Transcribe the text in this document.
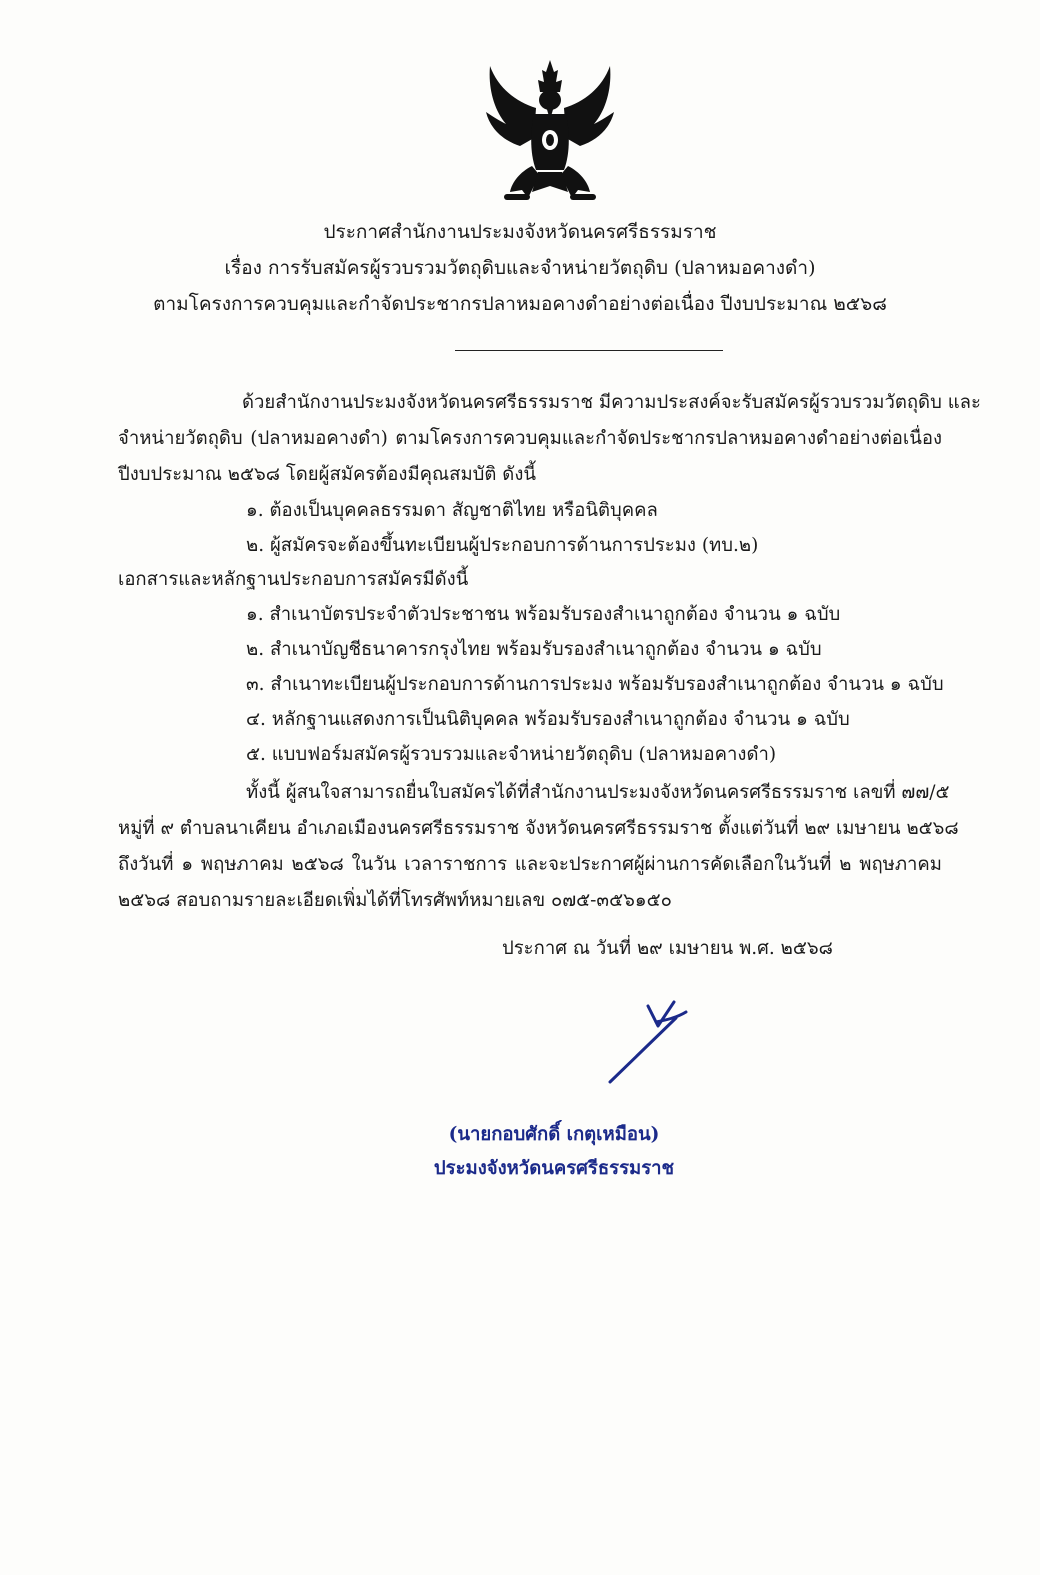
ประกาศสำนักงานประมงจังหวัดนครศรีธรรมราช
เรื่อง การรับสมัครผู้รวบรวมวัตถุดิบและจำหน่ายวัตถุดิบ (ปลาหมอคางดำ)
ตามโครงการควบคุมและกำจัดประชากรปลาหมอคางดำอย่างต่อเนื่อง ปีงบประมาณ ๒๕๖๘
ด้วยสำนักงานประมงจังหวัดนครศรีธรรมราช มีความประสงค์จะรับสมัครผู้รวบรวมวัตถุดิบ และ
จำหน่ายวัตถุดิบ (ปลาหมอคางดำ) ตามโครงการควบคุมและกำจัดประชากรปลาหมอคางดำอย่างต่อเนื่อง
ปีงบประมาณ ๒๕๖๘ โดยผู้สมัครต้องมีคุณสมบัติ ดังนี้
๑. ต้องเป็นบุคคลธรรมดา สัญชาติไทย หรือนิติบุคคล
๒. ผู้สมัครจะต้องขึ้นทะเบียนผู้ประกอบการด้านการประมง (ทบ.๒)
เอกสารและหลักฐานประกอบการสมัครมีดังนี้
๑. สำเนาบัตรประจำตัวประชาชน พร้อมรับรองสำเนาถูกต้อง จำนวน ๑ ฉบับ
๒. สำเนาบัญชีธนาคารกรุงไทย พร้อมรับรองสำเนาถูกต้อง จำนวน ๑ ฉบับ
๓. สำเนาทะเบียนผู้ประกอบการด้านการประมง พร้อมรับรองสำเนาถูกต้อง จำนวน ๑ ฉบับ
๔. หลักฐานแสดงการเป็นนิติบุคคล พร้อมรับรองสำเนาถูกต้อง จำนวน ๑ ฉบับ
๕. แบบฟอร์มสมัครผู้รวบรวมและจำหน่ายวัตถุดิบ (ปลาหมอคางดำ)
ทั้งนี้ ผู้สนใจสามารถยื่นใบสมัครได้ที่สำนักงานประมงจังหวัดนครศรีธรรมราช เลขที่ ๗๗/๕
หมู่ที่ ๙ ตำบลนาเคียน อำเภอเมืองนครศรีธรรมราช จังหวัดนครศรีธรรมราช ตั้งแต่วันที่ ๒๙ เมษายน ๒๕๖๘
ถึงวันที่ ๑ พฤษภาคม ๒๕๖๘ ในวัน เวลาราชการ และจะประกาศผู้ผ่านการคัดเลือกในวันที่ ๒ พฤษภาคม
๒๕๖๘ สอบถามรายละเอียดเพิ่มได้ที่โทรศัพท์หมายเลข ๐๗๕-๓๕๖๑๕๐
ประกาศ ณ วันที่ ๒๙ เมษายน พ.ศ. ๒๕๖๘
(นายกอบศักดิ์ เกตุเหมือน)
ประมงจังหวัดนครศรีธรรมราช
